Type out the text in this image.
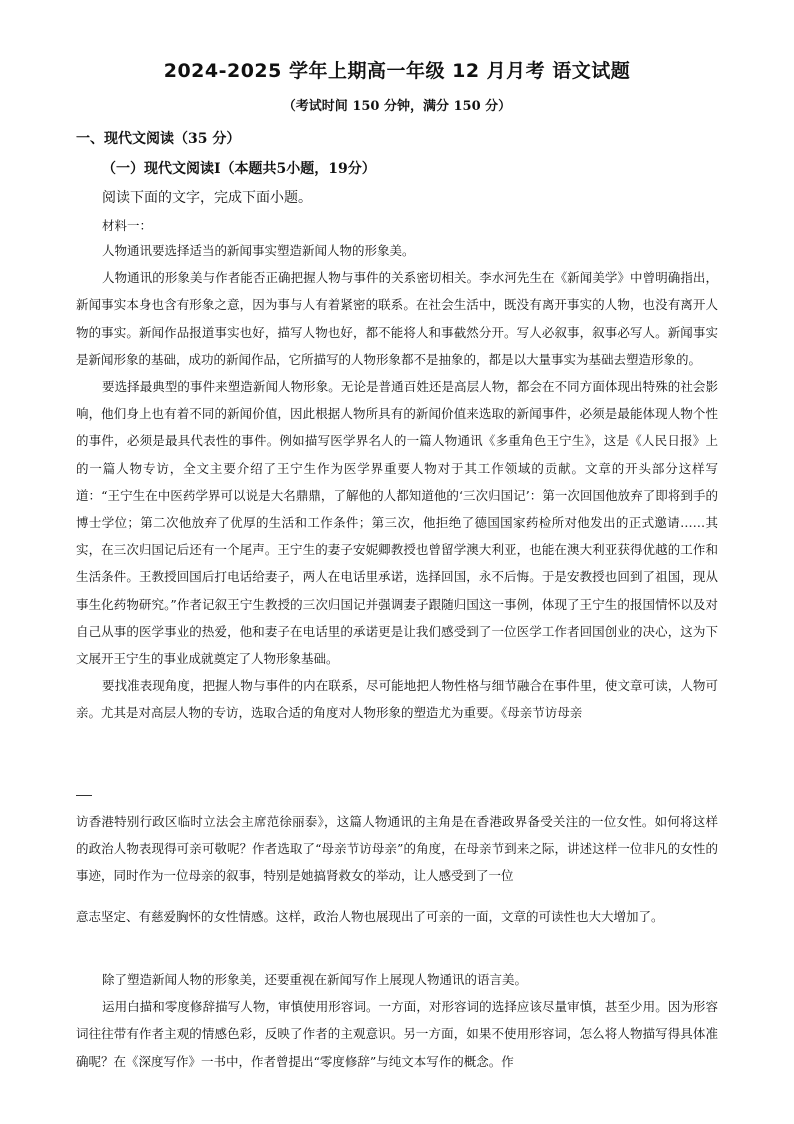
2024-2025 学年上期高一年级 12 月月考 语文试题
（考试时间 150 分钟，满分 150 分）
一、现代文阅读（35 分）
（一）现代文阅读Ⅰ（本题共5小题，19分）
阅读下面的文字，完成下面小题。
材料一：

人物通讯要选择适当的新闻事实塑造新闻人物的形象美。

人物通讯的形象美与作者能否正确把握人物与事件的关系密切相关。李水河先生在《新闻美学》中曾明确指出，新闻事实本身也含有形象之意，因为事与人有着紧密的联系。在社会生活中，既没有离开事实的人物，也没有离开人物的事实。新闻作品报道事实也好，描写人物也好，都不能将人和事截然分开。写人必叙事，叙事必写人。新闻事实是新闻形象的基础，成功的新闻作品，它所描写的人物形象都不是抽象的，都是以大量事实为基础去塑造形象的。

要选择最典型的事件来塑造新闻人物形象。无论是普通百姓还是高层人物，都会在不同方面体现出特殊的社会影响，他们身上也有着不同的新闻价值，因此根据人物所具有的新闻价值来选取的新闻事件，必须是最能体现人物个性的事件，必须是最具代表性的事件。例如描写医学界名人的一篇人物通讯《多重角色王宁生》，这是《人民日报》上的一篇人物专访，全文主要介绍了王宁生作为医学界重要人物对于其工作领域的贡献。文章的开头部分这样写道：“王宁生在中医药学界可以说是大名鼎鼎，了解他的人都知道他的‘三次归国记’：第一次回国他放弃了即将到手的博士学位；第二次他放弃了优厚的生活和工作条件；第三次，他拒绝了德国国家药检所对他发出的正式邀请……其实，在三次归国记后还有一个尾声。王宁生的妻子安妮卿教授也曾留学澳大利亚，也能在澳大利亚获得优越的工作和生活条件。王教授回国后打电话给妻子，两人在电话里承诺，选择回国，永不后悔。于是安教授也回到了祖国，现从事生化药物研究。”作者记叙王宁生教授的三次归国记并强调妻子跟随归国这一事例，体现了王宁生的报国情怀以及对自己从事的医学事业的热爱，他和妻子在电话里的承诺更是让我们感受到了一位医学工作者回国创业的决心，这为下文展开王宁生的事业成就奠定了人物形象基础。

要找准表现角度，把握人物与事件的内在联系，尽可能地把人物性格与细节融合在事件里，使文章可读，人物可亲。尤其是对高层人物的专访，选取合适的角度对人物形象的塑造尤为重要。《母亲节访母亲

访香港特别行政区临时立法会主席范徐丽泰》，这篇人物通讯的主角是在香港政界备受关注的一位女性。如何将这样的政治人物表现得可亲可敬呢？作者选取了“母亲节访母亲”的角度，在母亲节到来之际，讲述这样一位非凡的女性的事迹，同时作为一位母亲的叙事，特别是她搞肾救女的举动，让人感受到了一位

意志坚定、有慈爱胸怀的女性情感。这样，政治人物也展现出了可亲的一面，文章的可读性也大大增加了。

除了塑造新闻人物的形象美，还要重视在新闻写作上展现人物通讯的语言美。

运用白描和零度修辞描写人物，审慎使用形容词。一方面，对形容词的选择应该尽量审慎，甚至少用。因为形容词往往带有作者主观的情感色彩，反映了作者的主观意识。另一方面，如果不使用形容词，怎么将人物描写得具体准确呢？在《深度写作》一书中，作者曾提出“零度修辞”与纯文本写作的概念。作
